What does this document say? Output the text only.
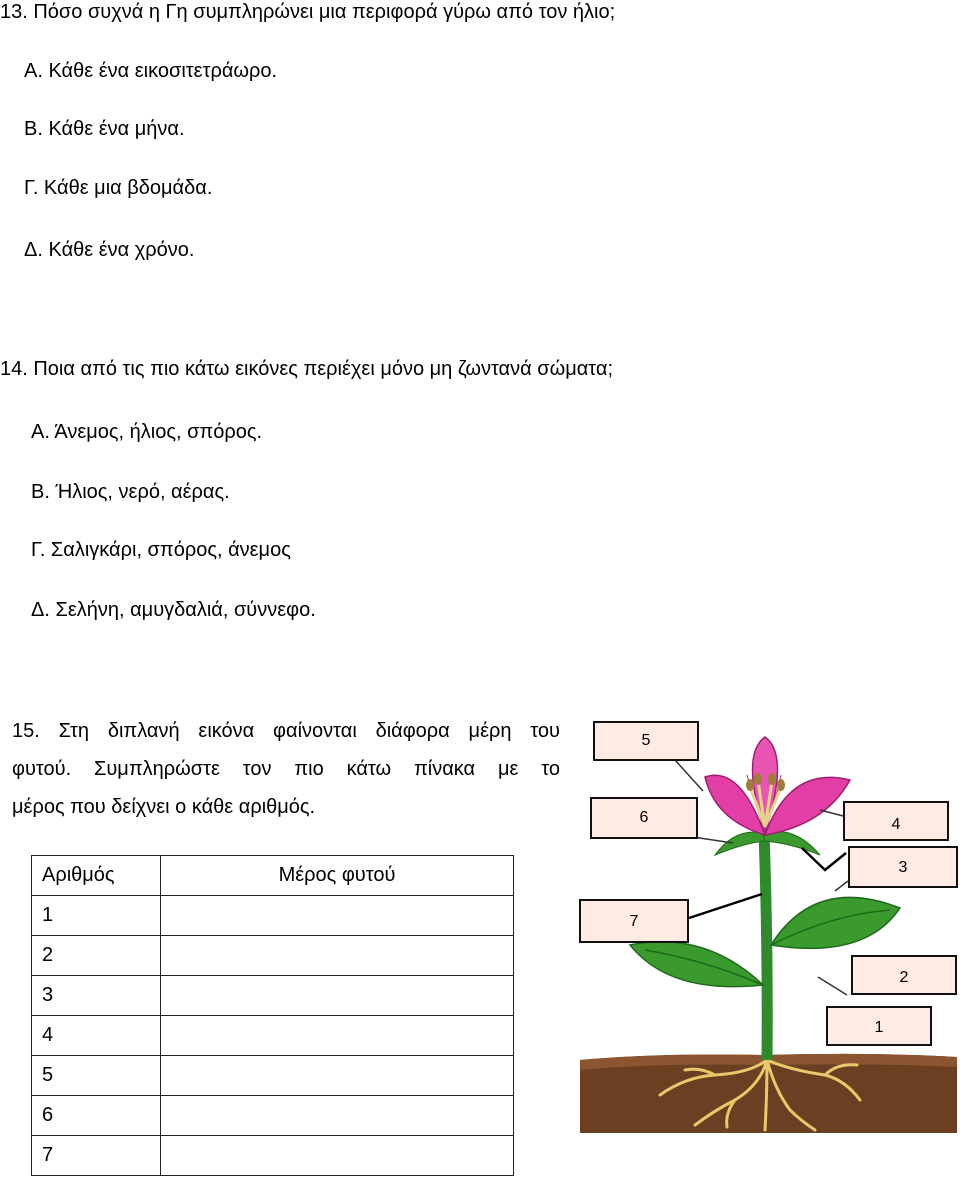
13. Πόσο συχνά η Γη συμπληρώνει μια περιφορά γύρω από τον ήλιο;
Α. Κάθε ένα εικοσιτετράωρο.
Β. Κάθε ένα μήνα.
Γ. Κάθε μια βδομάδα.
Δ. Κάθε ένα χρόνο.
14. Ποια από τις πιο κάτω εικόνες περιέχει μόνο μη ζωντανά σώματα;
Α. Άνεμος, ήλιος, σπόρος.
Β. Ήλιος, νερό, αέρας.
Γ. Σαλιγκάρι, σπόρος, άνεμος
Δ. Σελήνη, αμυγδαλιά, σύννεφο.
15. Στη διπλανή εικόνα φαίνονται διάφορα μέρη του
φυτού. Συμπληρώστε τον πιο κάτω πίνακα με το
μέρος που δείχνει ο κάθε αριθμός.
Αριθμός	Μέρος φυτού
1	
2	
3	
4	
5	
6	
7	
5
6	4
3
7
2
1
